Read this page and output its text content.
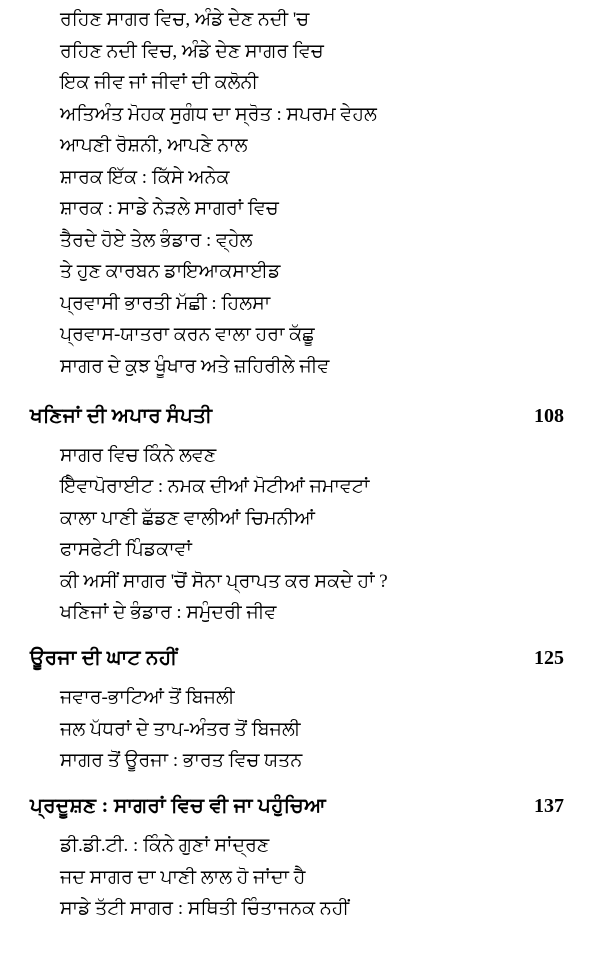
ਰਹਿਣ ਸਾਗਰ ਵਿਚ, ਅੰਡੇ ਦੇਣ ਨਦੀ 'ਚ
ਰਹਿਣ ਨਦੀ ਵਿਚ, ਅੰਡੇ ਦੇਣ ਸਾਗਰ ਵਿਚ
ਇਕ ਜੀਵ ਜਾਂ ਜੀਵਾਂ ਦੀ ਕਲੋਨੀ
ਅਤਿਅੰਤ ਮੋਹਕ ਸੁਗੰਧ ਦਾ ਸ੍ਰੋਤ : ਸਪਰਮ ਵੇਹਲ
ਆਪਣੀ ਰੋਸ਼ਨੀ, ਆਪਣੇ ਨਾਲ
ਸ਼ਾਰਕ ਇੱਕ : ਕਿੱਸੇ ਅਨੇਕ
ਸ਼ਾਰਕ : ਸਾਡੇ ਨੇੜਲੇ ਸਾਗਰਾਂ ਵਿਚ
ਤੈਰਦੇ ਹੋਏ ਤੇਲ ਭੰਡਾਰ : ਵ੍ਹੇਲ
ਤੇ ਹੁਣ ਕਾਰਬਨ ਡਾਇਆਕਸਾਈਡ
ਪ੍ਰਵਾਸੀ ਭਾਰਤੀ ਮੱਛੀ : ਹਿਲਸਾ
ਪ੍ਰਵਾਸ-ਯਾਤਰਾ ਕਰਨ ਵਾਲਾ ਹਰਾ ਕੱਛੂ
ਸਾਗਰ ਦੇ ਕੁਝ ਖੂੰਖਾਰ ਅਤੇ ਜ਼ਹਿਰੀਲੇ ਜੀਵ
ਖਣਿਜਾਂ ਦੀ ਅਪਾਰ ਸੰਪਤੀ	108
ਸਾਗਰ ਵਿਚ ਕਿੰਨੇ ਲਵਣ
ਇੈਵਾਪੋਰਾਈਟ : ਨਮਕ ਦੀਆਂ ਮੋਟੀਆਂ ਜਮਾਵਟਾਂ
ਕਾਲਾ ਪਾਣੀ ਛੱਡਣ ਵਾਲੀਆਂ ਚਿਮਨੀਆਂ
ਫਾਸਫੇਟੀ ਪਿੰਡਕਾਵਾਂ
ਕੀ ਅਸੀਂ ਸਾਗਰ 'ਚੋਂ ਸੋਨਾ ਪ੍ਰਾਪਤ ਕਰ ਸਕਦੇ ਹਾਂ ?
ਖਣਿਜਾਂ ਦੇ ਭੰਡਾਰ : ਸਮੁੰਦਰੀ ਜੀਵ
ਊਰਜਾ ਦੀ ਘਾਟ ਨਹੀਂ	125
ਜਵਾਰ-ਭਾਟਿਆਂ ਤੋਂ ਬਿਜਲੀ
ਜਲ ਪੱਧਰਾਂ ਦੇ ਤਾਪ-ਅੰਤਰ ਤੋਂ ਬਿਜਲੀ
ਸਾਗਰ ਤੋਂ ਊਰਜਾ : ਭਾਰਤ ਵਿਚ ਯਤਨ
ਪ੍ਰਦੂਸ਼ਣ : ਸਾਗਰਾਂ ਵਿਚ ਵੀ ਜਾ ਪਹੁੰਚਿਆ	137
ਡੀ.ਡੀ.ਟੀ. : ਕਿੰਨੇ ਗੁਣਾਂ ਸਾਂਦ੍ਰਣ
ਜਦ ਸਾਗਰ ਦਾ ਪਾਣੀ ਲਾਲ ਹੋ ਜਾਂਦਾ ਹੈ
ਸਾਡੇ ਤੱਟੀ ਸਾਗਰ : ਸਥਿਤੀ ਚਿੰਤਾਜਨਕ ਨਹੀਂ
